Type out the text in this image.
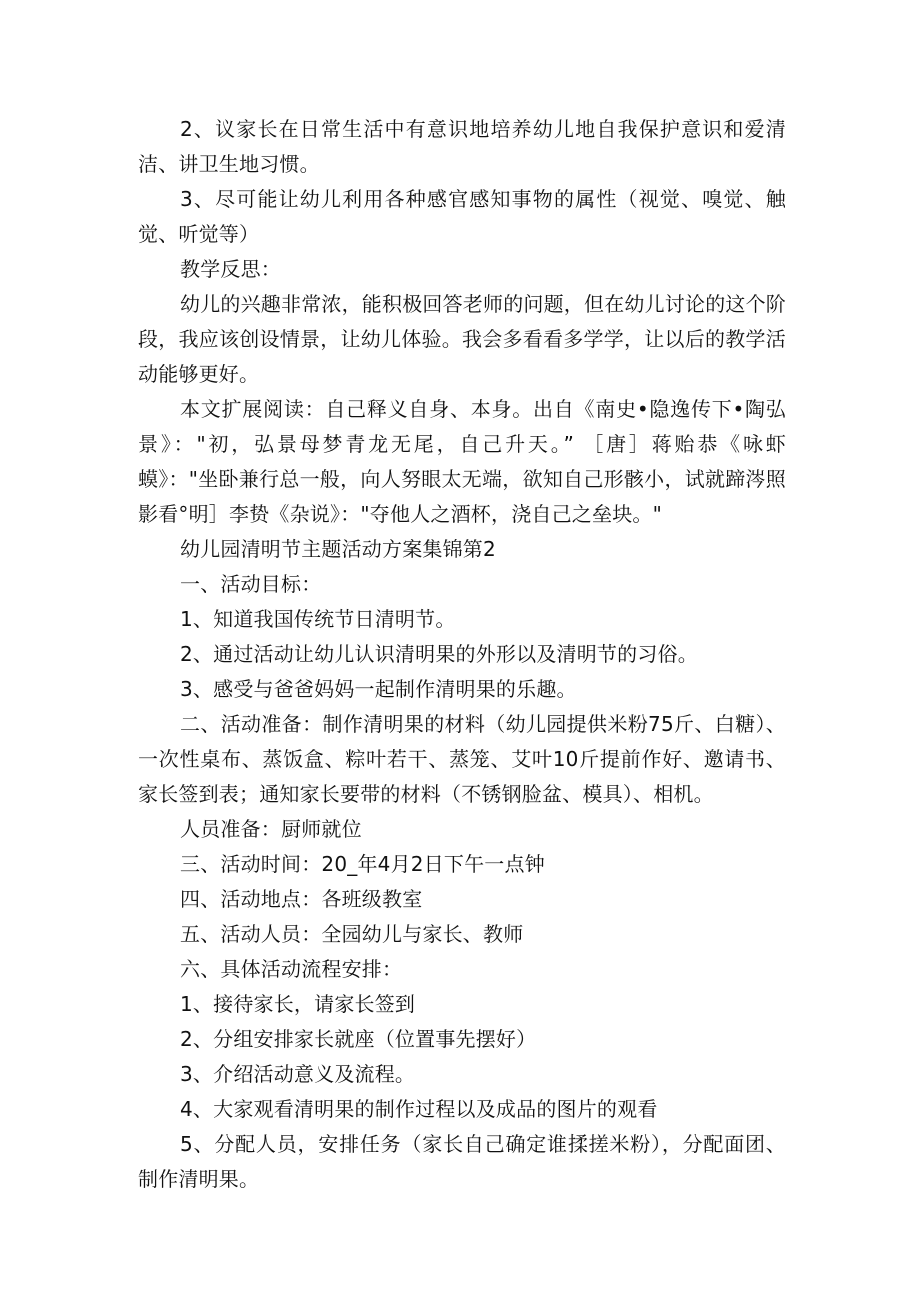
2、议家长在日常生活中有意识地培养幼儿地自我保护意识和爱清洁、讲卫生地习惯。

3、尽可能让幼儿利用各种感官感知事物的属性（视觉、嗅觉、触觉、听觉等）

教学反思：

幼儿的兴趣非常浓，能积极回答老师的问题，但在幼儿讨论的这个阶段，我应该创设情景，让幼儿体验。我会多看看多学学，让以后的教学活动能够更好。

本文扩展阅读：自己释义自身、本身。出自《南史•隐逸传下•陶弘景》："初，弘景母梦青龙无尾，自己升天。” ［唐］蒋贻恭《咏虾蟆》："坐卧兼行总一般，向人努眼太无端，欲知自己形骸小，试就蹄涔照影看°明］李贽《杂说》："夺他人之酒杯，浇自己之垒块。"

幼儿园清明节主题活动方案集锦第2

一、活动目标：

1、知道我国传统节日清明节。

2、通过活动让幼儿认识清明果的外形以及清明节的习俗。

3、感受与爸爸妈妈一起制作清明果的乐趣。

二、活动准备：制作清明果的材料（幼儿园提供米粉75斤、白糖）、一次性桌布、蒸饭盒、粽叶若干、蒸笼、艾叶10斤提前作好、邀请书、家长签到表；通知家长要带的材料（不锈钢脸盆、模具）、相机。

人员准备：厨师就位

三、活动时间：20_年4月2日下午一点钟

四、活动地点：各班级教室

五、活动人员：全园幼儿与家长、教师

六、具体活动流程安排：

1、接待家长，请家长签到

2、分组安排家长就座（位置事先摆好）

3、介绍活动意义及流程。

4、大家观看清明果的制作过程以及成品的图片的观看

5、分配人员，安排任务（家长自己确定谁揉搓米粉），分配面团、制作清明果。
